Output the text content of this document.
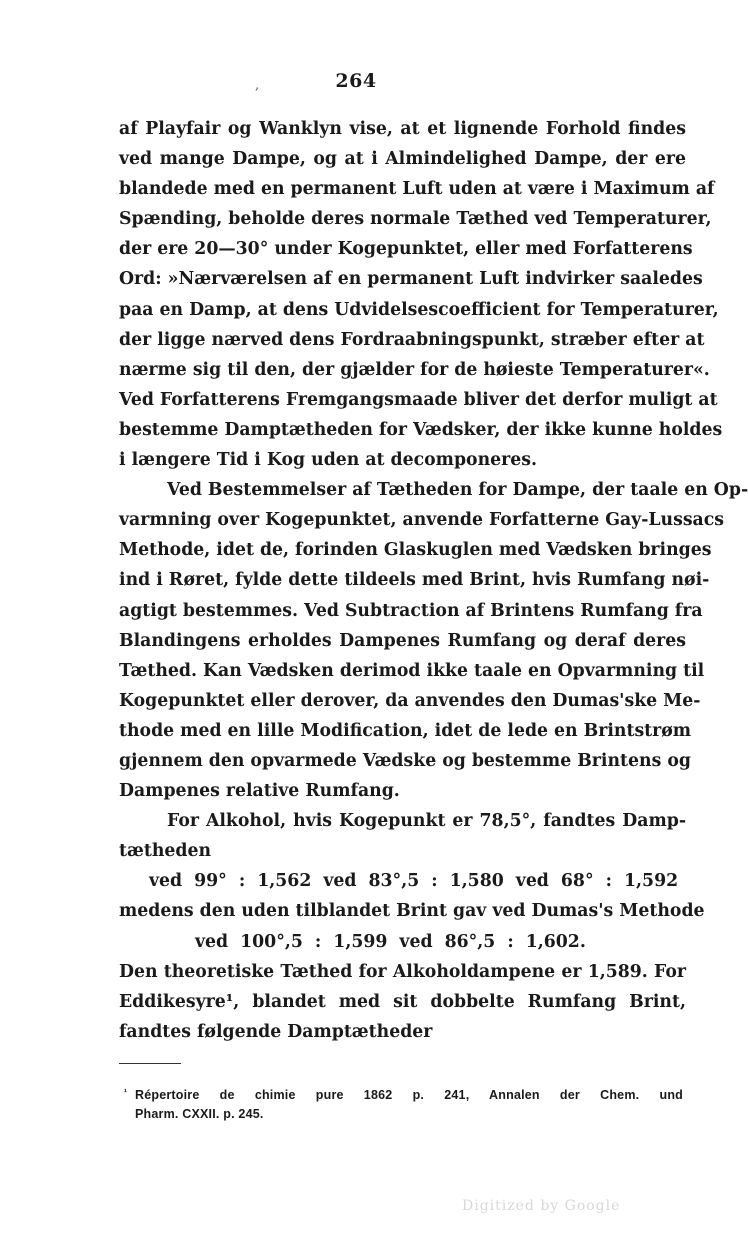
,	264
af Playfair og Wanklyn vise, at et lignende Forhold findes
ved mange Dampe, og at i Almindelighed Dampe, der ere
blandede med en permanent Luft uden at være i Maximum af
Spænding, beholde deres normale Tæthed ved Temperaturer,
der ere 20—30° under Kogepunktet, eller med Forfatterens
Ord: »Nærværelsen af en permanent Luft indvirker saaledes
paa en Damp, at dens Udvidelsescoefficient for Temperaturer,
der ligge nærved dens Fordraabningspunkt, stræber efter at
nærme sig til den, der gjælder for de høieste Temperaturer«.
Ved Forfatterens Fremgangsmaade bliver det derfor muligt at
bestemme Damptætheden for Vædsker, der ikke kunne holdes
i længere Tid i Kog uden at decomponeres.
Ved Bestemmelser af Tætheden for Dampe, der taale en Op-
varmning over Kogepunktet, anvende Forfatterne Gay-Lussacs
Methode, idet de, forinden Glaskuglen med Vædsken bringes
ind i Røret, fylde dette tildeels med Brint, hvis Rumfang nøi-
agtigt bestemmes. Ved Subtraction af Brintens Rumfang fra
Blandingens erholdes Dampenes Rumfang og deraf deres
Tæthed. Kan Vædsken derimod ikke taale en Opvarmning til
Kogepunktet eller derover, da anvendes den Dumas'ske Me-
thode med en lille Modification, idet de lede en Brintstrøm
gjennem den opvarmede Vædske og bestemme Brintens og
Dampenes relative Rumfang.
For Alkohol, hvis Kogepunkt er 78,5°, fandtes Damp-
tætheden
ved 99° : 1,562 ved 83°,5 : 1,580 ved 68° : 1,592
medens den uden tilblandet Brint gav ved Dumas's Methode
ved 100°,5 : 1,599 ved 86°,5 : 1,602.
Den theoretiske Tæthed for Alkoholdampene er 1,589. For
Eddikesyre¹, blandet med sit dobbelte Rumfang Brint,
fandtes følgende Damptætheder
¹ Répertoire de chimie pure 1862 p. 241, Annalen der Chem. und
Pharm. CXXII. p. 245.
Digitized by Google
